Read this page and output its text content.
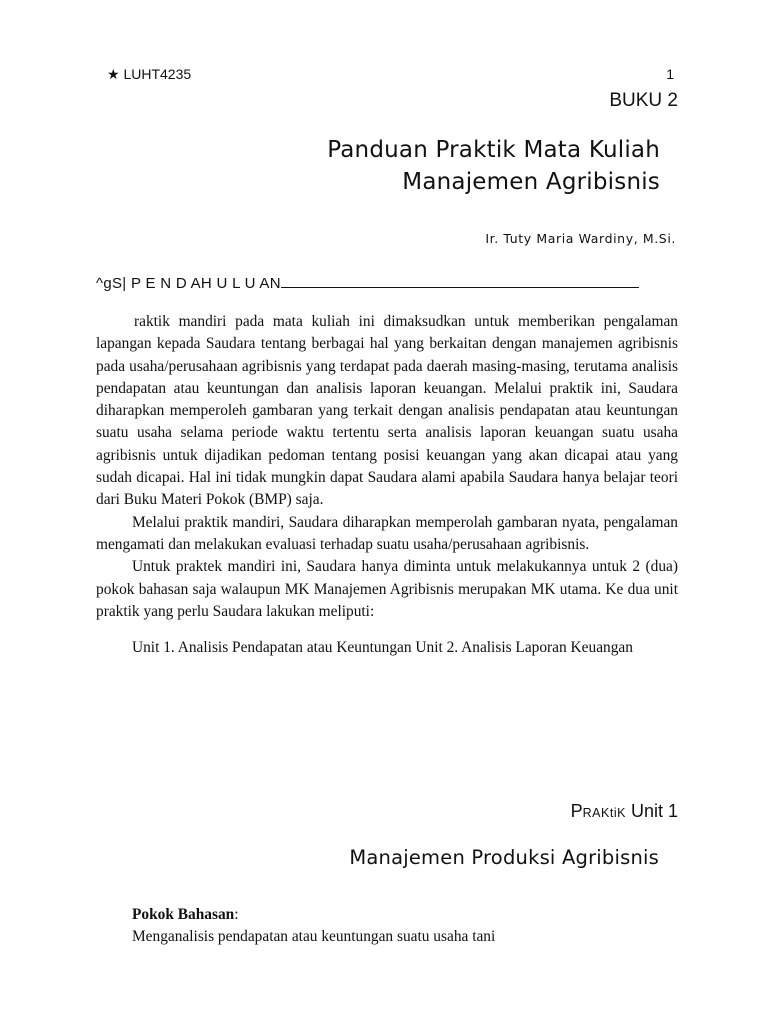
★ LUHT4235	1
BUKU 2
Panduan Praktik Mata Kuliah
Manajemen Agribisnis
Ir. Tuty Maria Wardiny, M.Si.
^gS| P E N D AH U L U AN

raktik mandiri pada mata kuliah ini dimaksudkan untuk memberikan pengalaman lapangan kepada Saudara tentang berbagai hal yang berkaitan dengan manajemen agribisnis pada usaha/perusahaan agribisnis yang terdapat pada daerah masing-masing, terutama analisis pendapatan atau keuntungan dan analisis laporan keuangan. Melalui praktik ini, Saudara diharapkan memperoleh gambaran yang terkait dengan analisis pendapatan atau keuntungan suatu usaha selama periode waktu tertentu serta analisis laporan keuangan suatu usaha agribisnis untuk dijadikan pedoman tentang posisi keuangan yang akan dicapai atau yang sudah dicapai. Hal ini tidak mungkin dapat Saudara alami apabila Saudara hanya belajar teori dari Buku Materi Pokok (BMP) saja.

Melalui praktik mandiri, Saudara diharapkan memperolah gambaran nyata, pengalaman mengamati dan melakukan evaluasi terhadap suatu usaha/perusahaan agribisnis.

Untuk praktek mandiri ini, Saudara hanya diminta untuk melakukannya untuk 2 (dua) pokok bahasan saja walaupun MK Manajemen Agribisnis merupakan MK utama. Ke dua unit praktik yang perlu Saudara lakukan meliputi:

Unit 1. Analisis Pendapatan atau Keuntungan Unit 2. Analisis Laporan Keuangan

PRAKtiK Unit 1
Manajemen Produksi Agribisnis
Pokok Bahasan:
Menganalisis pendapatan atau keuntungan suatu usaha tani
